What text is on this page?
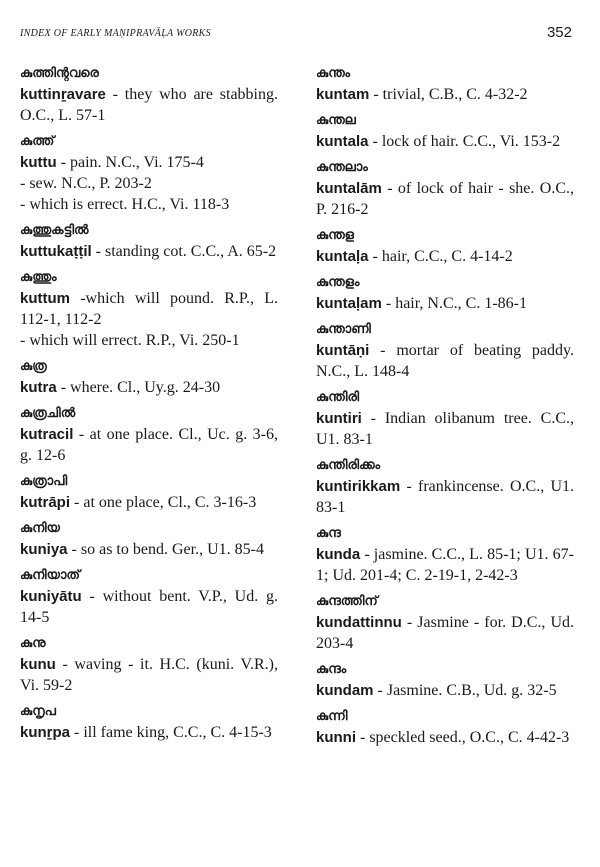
INDEX OF EARLY MAṆIPRAVĀḶA WORKS	352
കുത്തിന്റവരെ
kuttinṟavare - they who are stabbing. O.C., L. 57-1
കുത്ത്
kuttu - pain. N.C., Vi. 175-4
- sew. N.C., P. 203-2
- which is errect. H.C., Vi. 118-3
കുത്തുകട്ടിൽ
kuttukaṭṭil - standing cot. C.C., A. 65-2
കുത്തും
kuttum -which will pound. R.P., L. 112-1, 112-2
- which will errect. R.P., Vi. 250-1
കുത്ര
kutra - where. Cl., Uy.g. 24-30
കുത്രചിൽ
kutracil - at one place. Cl., Uc. g. 3-6, g. 12-6
കുത്രാപി
kutrāpi - at one place, Cl., C. 3-16-3
കുനിയ
kuniya - so as to bend. Ger., U1. 85-4
കുനിയാത്
kuniyātu - without bent. V.P., Ud. g. 14-5
കുനു
kunu - waving - it. H.C. (kuni. V.R.), Vi. 59-2
കുനൃപ
kunṟpa - ill fame king, C.C., C. 4-15-3
കുന്തം
kuntam - trivial, C.B., C. 4-32-2
കുന്തല
kuntala - lock of hair. C.C., Vi. 153-2
കുന്തലാം
kuntalām - of lock of hair - she. O.C., P. 216-2
കുന്തള
kuntaḷa - hair, C.C., C. 4-14-2
കുന്തളം
kuntaḷam - hair, N.C., C. 1-86-1
കുന്താണി
kuntāṇi - mortar of beating paddy. N.C., L. 148-4
കുന്തിരി
kuntiri - Indian olibanum tree. C.C., U1. 83-1
കുന്തിരിക്കം
kuntirikkam - frankincense. O.C., U1. 83-1
കുന്ദ
kunda - jasmine. C.C., L. 85-1; U1. 67-1; Ud. 201-4; C. 2-19-1, 2-42-3
കുന്ദത്തിന്
kundattinnu - Jasmine - for. D.C., Ud. 203-4
കുന്ദം
kundam - Jasmine. C.B., Ud. g. 32-5
കുന്നി
kunni - speckled seed., O.C., C. 4-42-3
